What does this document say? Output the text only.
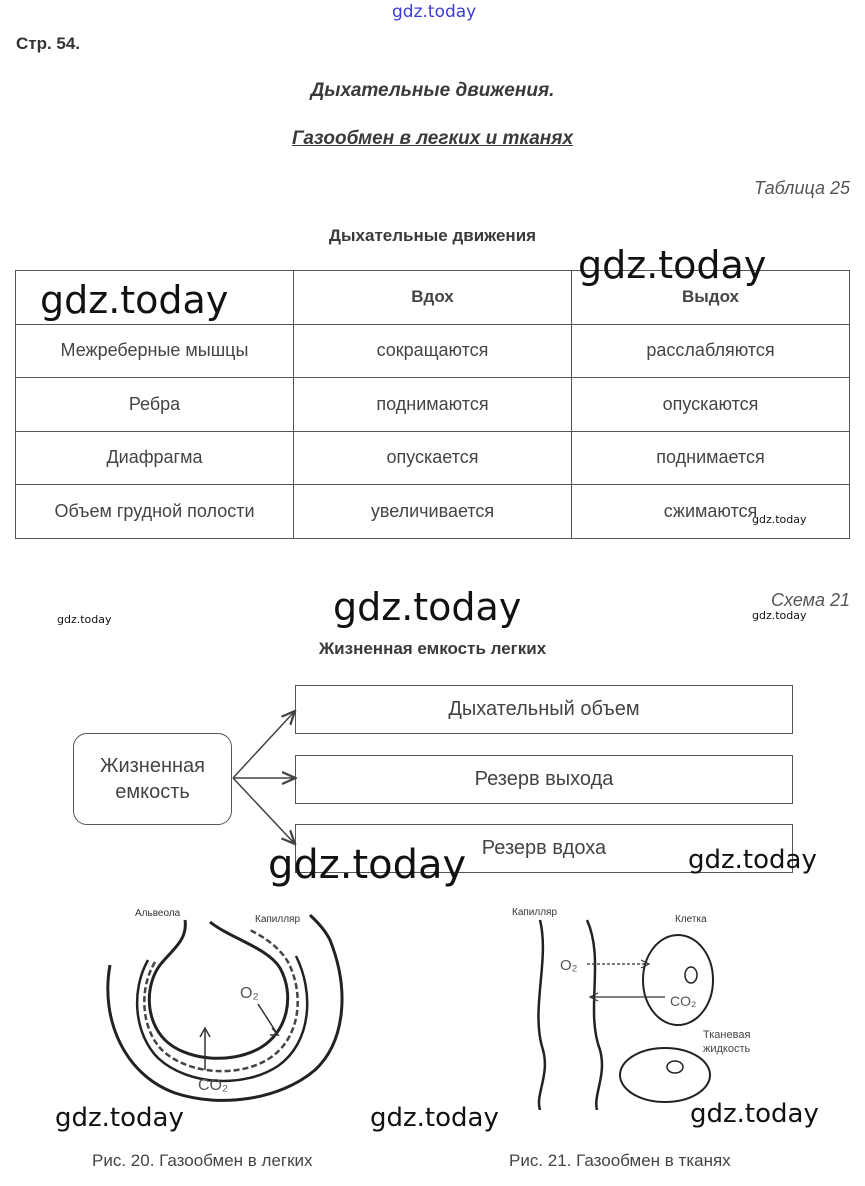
gdz.today
Стр. 54.
Дыхательные движения.
Газообмен в легких и тканях
Таблица 25
Дыхательные движения
	Вдох	Выдох
Межреберные мышцы	сокращаются	расслабляются
Ребра	поднимаются	опускаются
Диафрагма	опускается	поднимается
Объем грудной полости	увеличивается	сжимаются
gdz.today
gdz.today
gdz.today
Схема 21
gdz.today
gdz.today	gdz.today
Жизненная емкость легких
Жизненная емкость
Дыхательный объем
Резерв выхода
Резерв вдоха
gdz.today	gdz.today
Альвеола
Капилляр
O₂
CO₂
Капилляр
Клетка
O₂
CO₂
Тканевая
жидкость
gdz.today	gdz.today	gdz.today
Рис. 20. Газообмен в легких	Рис. 21. Газообмен в тканях
